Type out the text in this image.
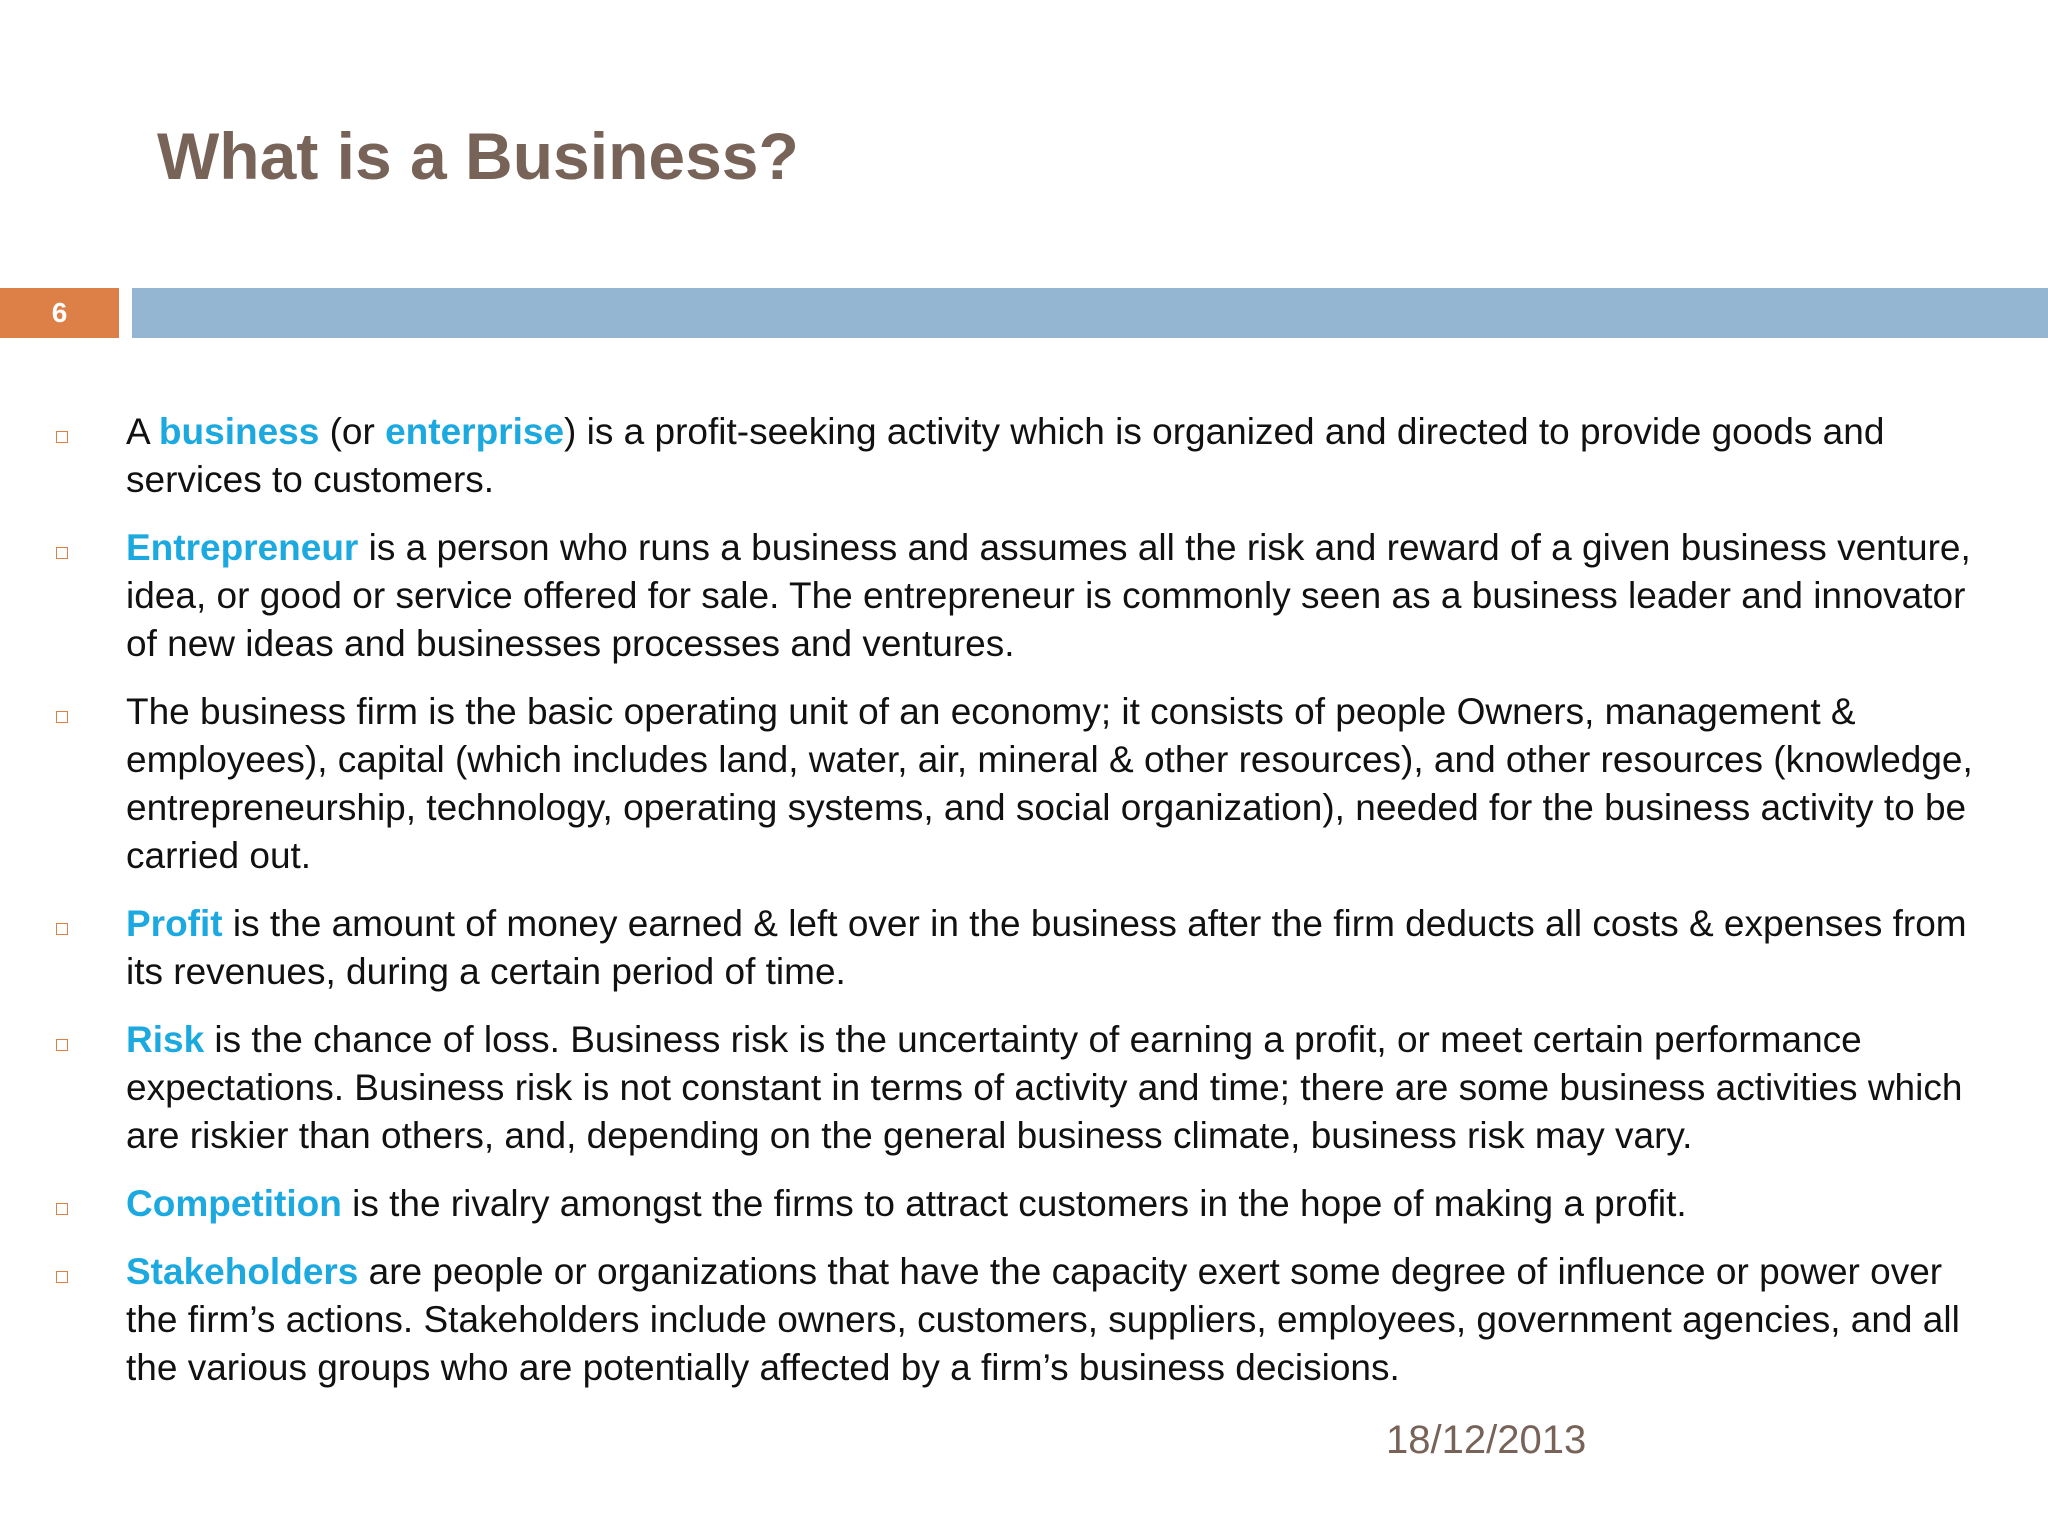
What is a Business?
6
A business (or enterprise) is a profit-seeking activity which is organized and directed to provide goods and services to customers.
Entrepreneur is a person who runs a business and assumes all the risk and reward of a given business venture, idea, or good or service offered for sale. The entrepreneur is commonly seen as a business leader and innovator of new ideas and businesses processes and ventures.
The business firm is the basic operating unit of an economy; it consists of people Owners, management & employees), capital (which includes land, water, air, mineral & other resources), and other resources (knowledge, entrepreneurship, technology, operating systems, and social organization), needed for the business activity to be carried out.
Profit is the amount of money earned & left over in the business after the firm deducts all costs & expenses from its revenues, during a certain period of time.
Risk is the chance of loss. Business risk is the uncertainty of earning a profit, or meet certain performance expectations. Business risk is not constant in terms of activity and time; there are some business activities which are riskier than others, and, depending on the general business climate, business risk may vary.
Competition is the rivalry amongst the firms to attract customers in the hope of making a profit.
Stakeholders are people or organizations that have the capacity exert some degree of influence or power over the firm’s actions. Stakeholders include owners, customers, suppliers, employees, government agencies, and all the various groups who are potentially affected by a firm’s business decisions.
18/12/2013
